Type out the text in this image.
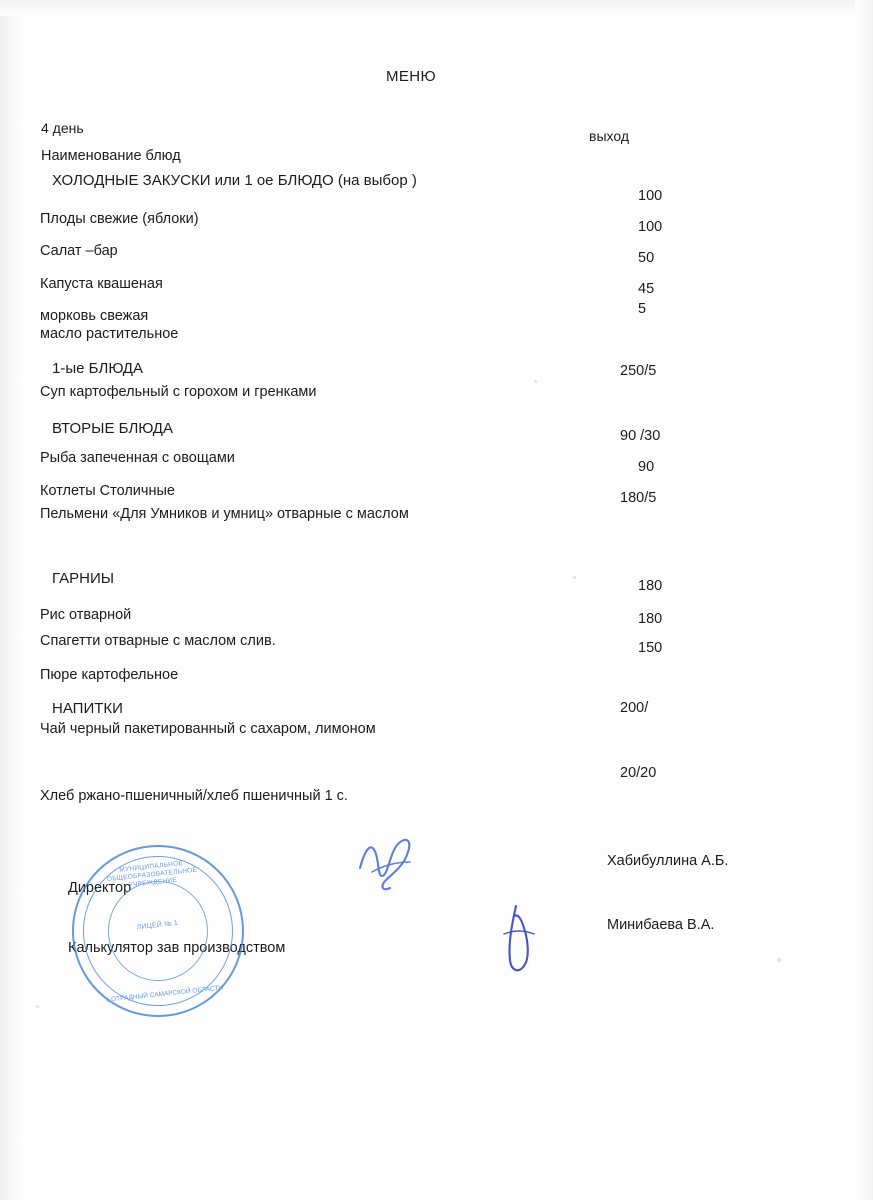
МЕНЮ
4 день	выход
Наименование блюд
ХОЛОДНЫЕ ЗАКУСКИ или 1 ое БЛЮДО (на выбор )
Плоды свежие (яблоки)
100
Салат –бар
100
Капуста квашеная
50
морковь свежая
45
масло растительное
5
1-ые БЛЮДА
Суп картофельный с горохом и гренками
250/5
ВТОРЫЕ БЛЮДА
Рыба запеченная с овощами
90 /30
Котлеты Столичные
90
Пельмени «Для Умников и умниц» отварные с маслом
180/5
ГАРНИЫ
Рис отварной
180
Спагетти отварные с маслом слив.
180
Пюре картофельное
150
НАПИТКИ
Чай черный пакетированный с сахаром, лимоном
200/
Хлеб ржано-пшеничный/хлеб пшеничный 1 с.
20/20
Директор
Калькулятор зав производством
Хабибуллина А.Б.
Минибаева В.А.
МУНИЦИПАЛЬНОЕ ОБЩЕОБРАЗОВАТЕЛЬНОЕ УЧРЕЖДЕНИЕ
ЛИЦЕЙ № 1
г. ОТРАДНЫЙ САМАРСКОЙ ОБЛАСТИ
